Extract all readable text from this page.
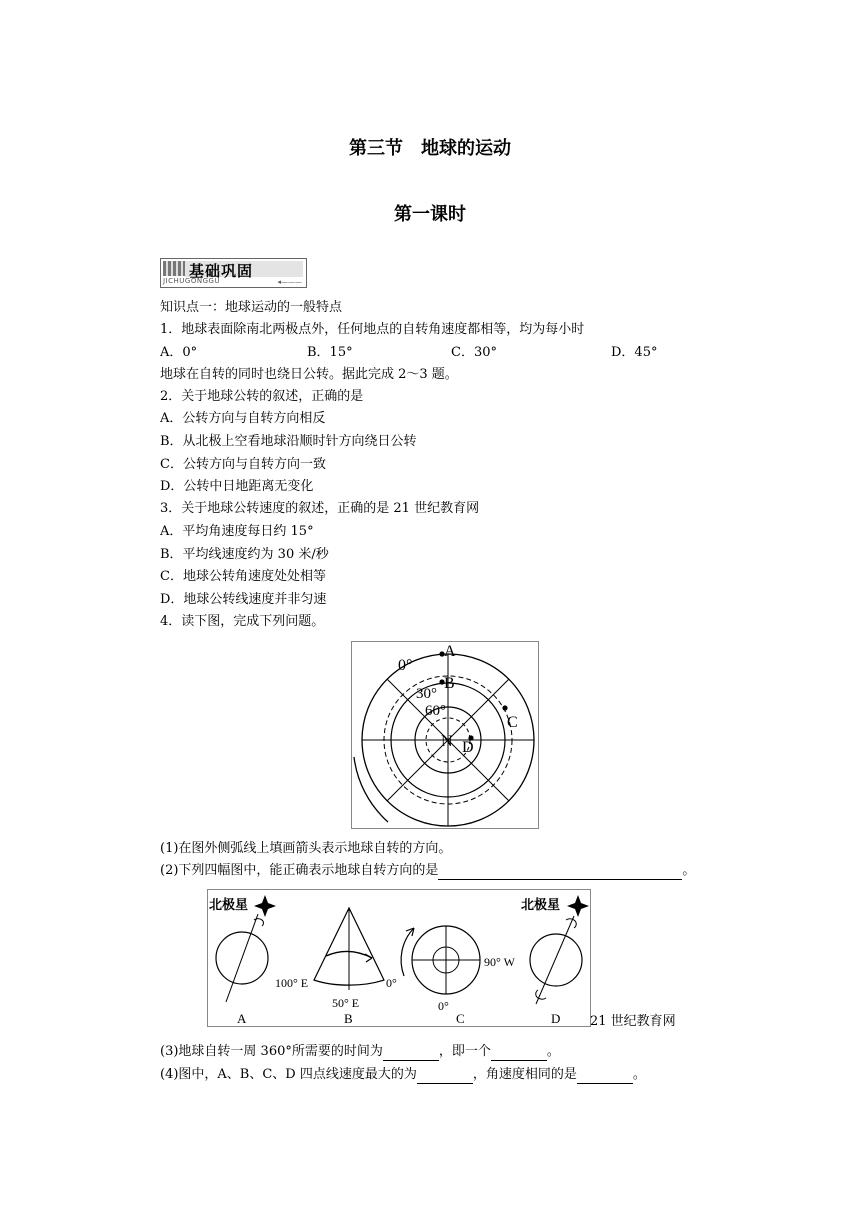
第三节　地球的运动
第一课时
基础巩固
JICHUGONGGU	◂———
知识点一：地球运动的一般特点
1．地球表面除南北两极点外，任何地点的自转角速度都相等，均为每小时
A．0°	B．15°	C．30°	D．45°
地球在自转的同时也绕日公转。据此完成 2～3 题。
2．关于地球公转的叙述，正确的是
A．公转方向与自转方向相反
B．从北极上空看地球沿顺时针方向绕日公转
C．公转方向与自转方向一致
D．公转中日地距离无变化
3．关于地球公转速度的叙述，正确的是 21 世纪教育网
A．平均角速度每日约 15°
B．平均线速度约为 30 米/秒
C．地球公转角速度处处相等
D．地球公转线速度并非匀速
4．读下图，完成下列问题。
0°
30°
60°
N
A
B
C
D
(1)在图外侧弧线上填画箭头表示地球自转的方向。
(2)下列四幅图中，能正确表示地球自转方向的是	。
北极星
A
100° E
50° E
0°
B
90° W
0°
C
北极星
D 21 世纪教育网
(3)地球自转一周 360°所需要的时间为	，即一个	。
(4)图中，A、B、C、D 四点线速度最大的为	，角速度相同的是	。
